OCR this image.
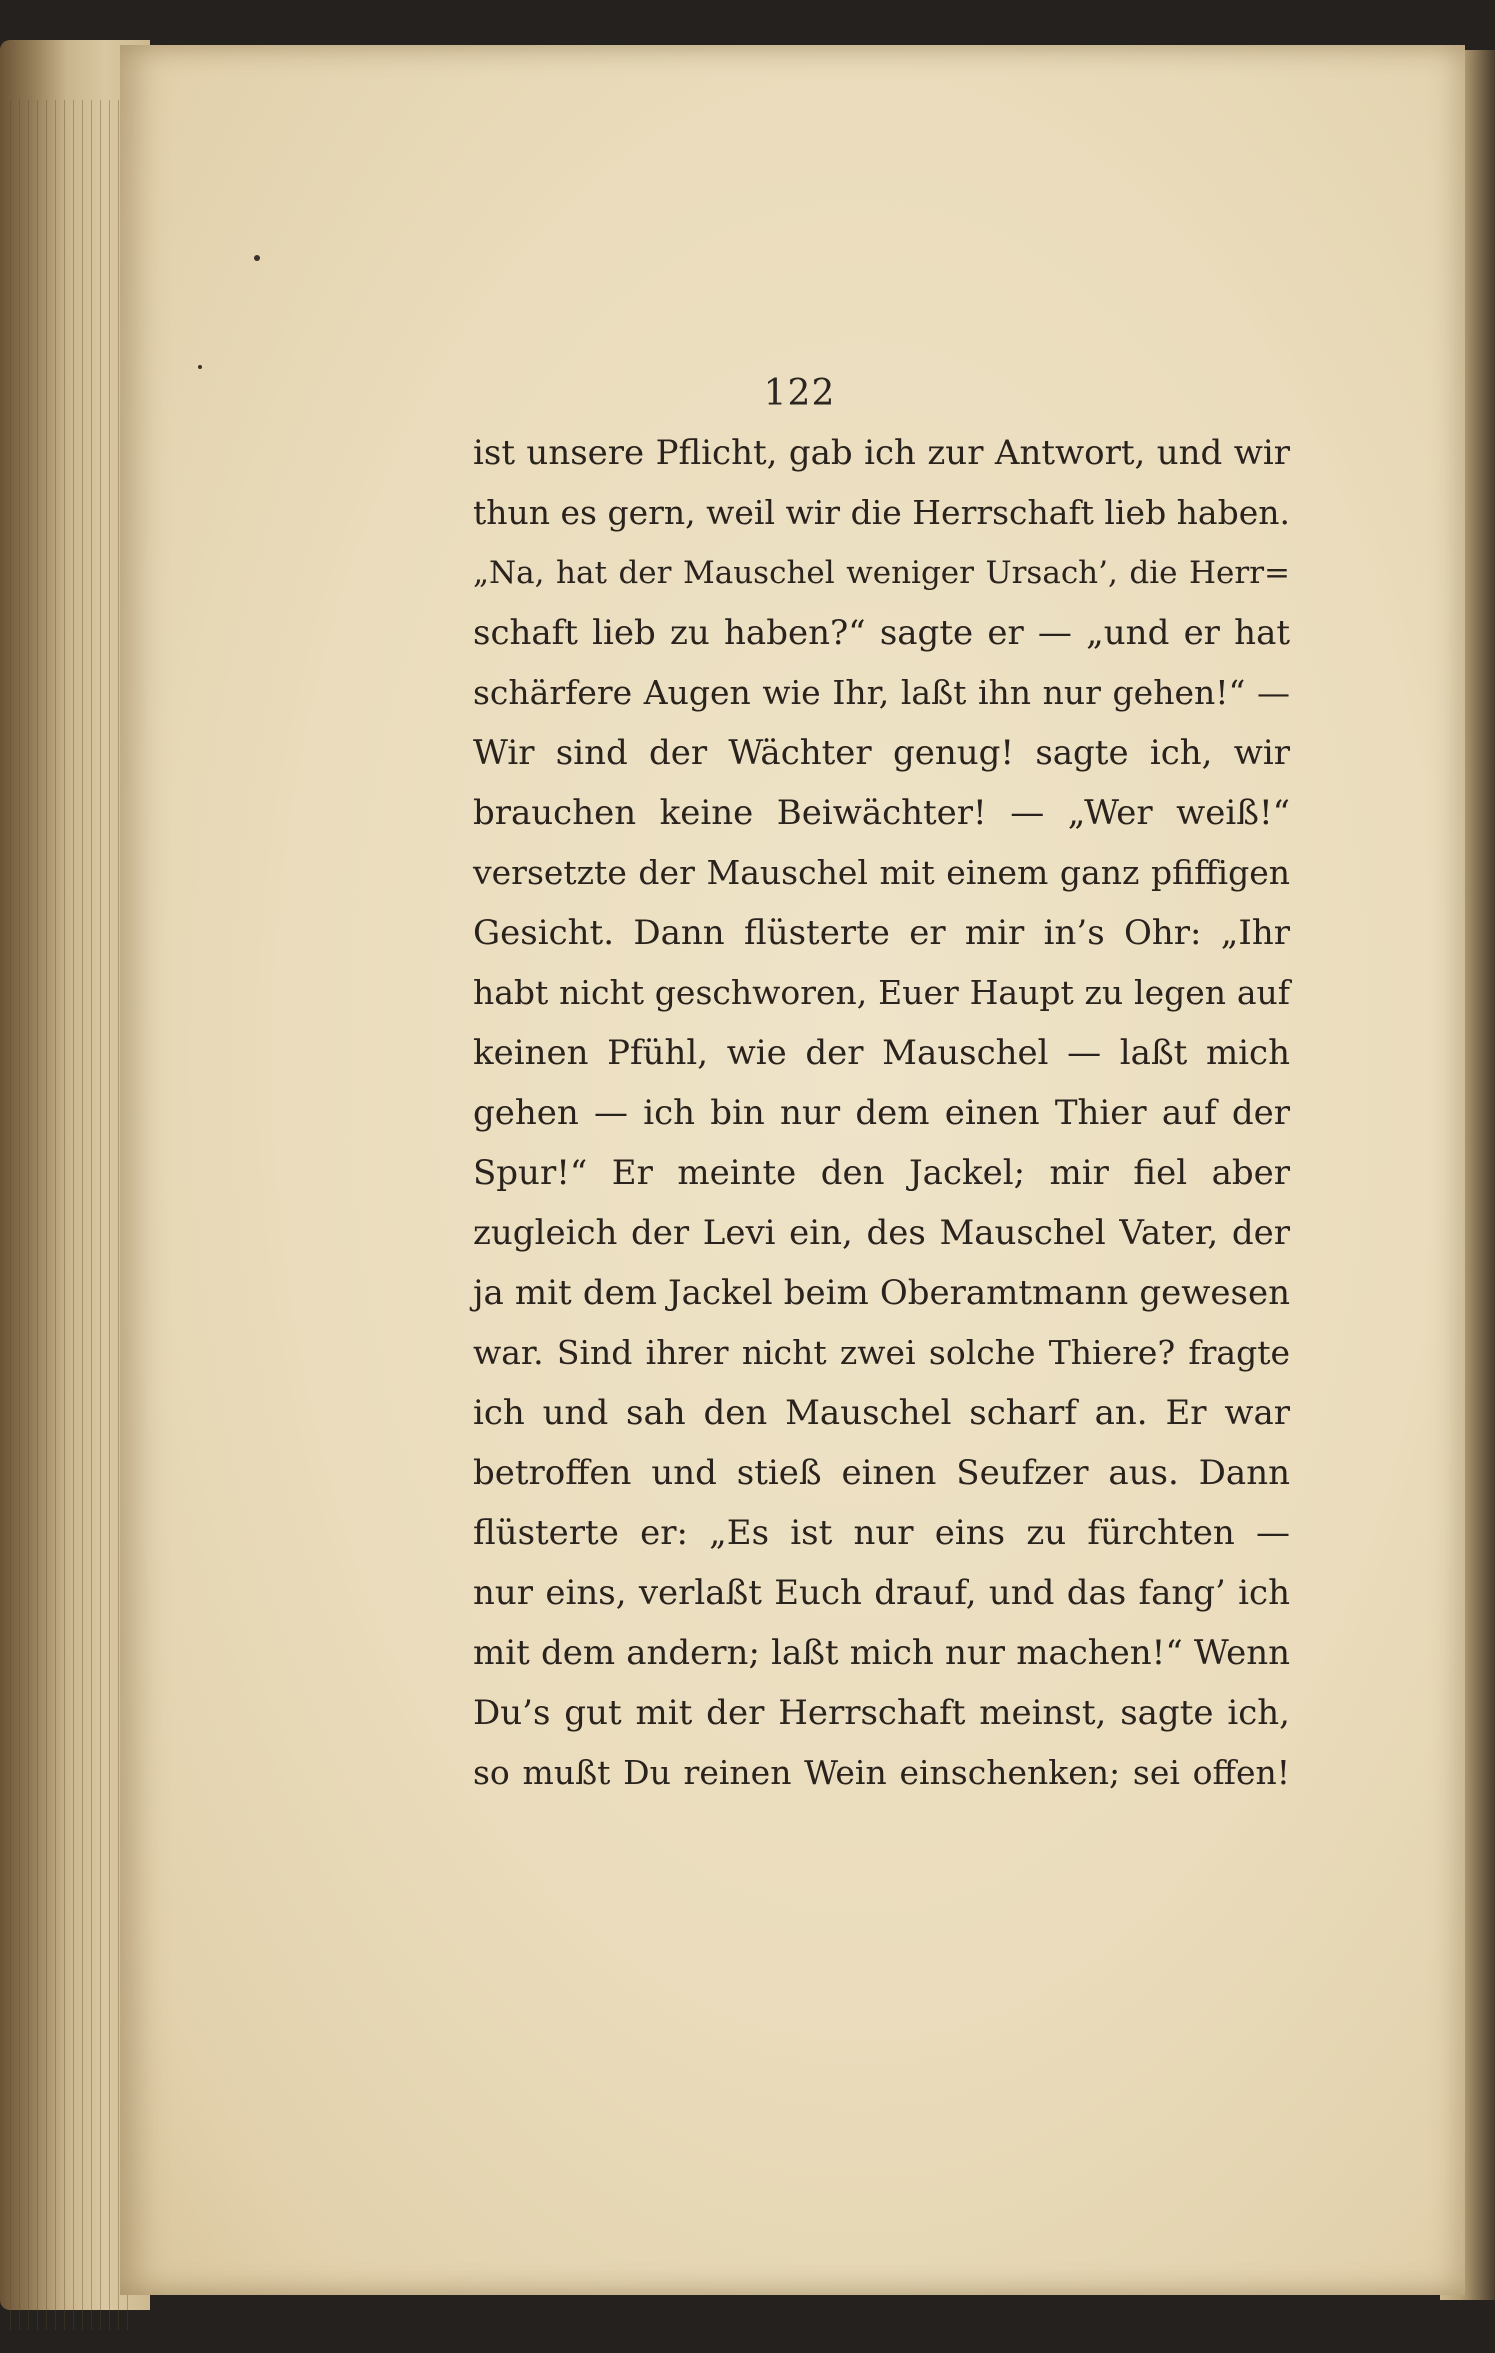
122
ist unsere Pflicht, gab ich zur Antwort, und wir
thun es gern, weil wir die Herrschaft lieb haben.
„Na, hat der Mauschel weniger Ursach’, die Herr=
schaft lieb zu haben?“ sagte er — „und er hat
schärfere Augen wie Ihr, laßt ihn nur gehen!“ —
Wir sind der Wächter genug! sagte ich, wir
brauchen keine Beiwächter! — „Wer weiß!“
versetzte der Mauschel mit einem ganz pfiffigen
Gesicht. Dann flüsterte er mir in’s Ohr: „Ihr
habt nicht geschworen, Euer Haupt zu legen auf
keinen Pfühl, wie der Mauschel — laßt mich
gehen — ich bin nur dem einen Thier auf der
Spur!“ Er meinte den Jackel; mir fiel aber
zugleich der Levi ein, des Mauschel Vater, der
ja mit dem Jackel beim Oberamtmann gewesen
war. Sind ihrer nicht zwei solche Thiere? fragte
ich und sah den Mauschel scharf an. Er war
betroffen und stieß einen Seufzer aus. Dann
flüsterte er: „Es ist nur eins zu fürchten —
nur eins, verlaßt Euch drauf, und das fang’ ich
mit dem andern; laßt mich nur machen!“ Wenn
Du’s gut mit der Herrschaft meinst, sagte ich,
so mußt Du reinen Wein einschenken; sei offen!
